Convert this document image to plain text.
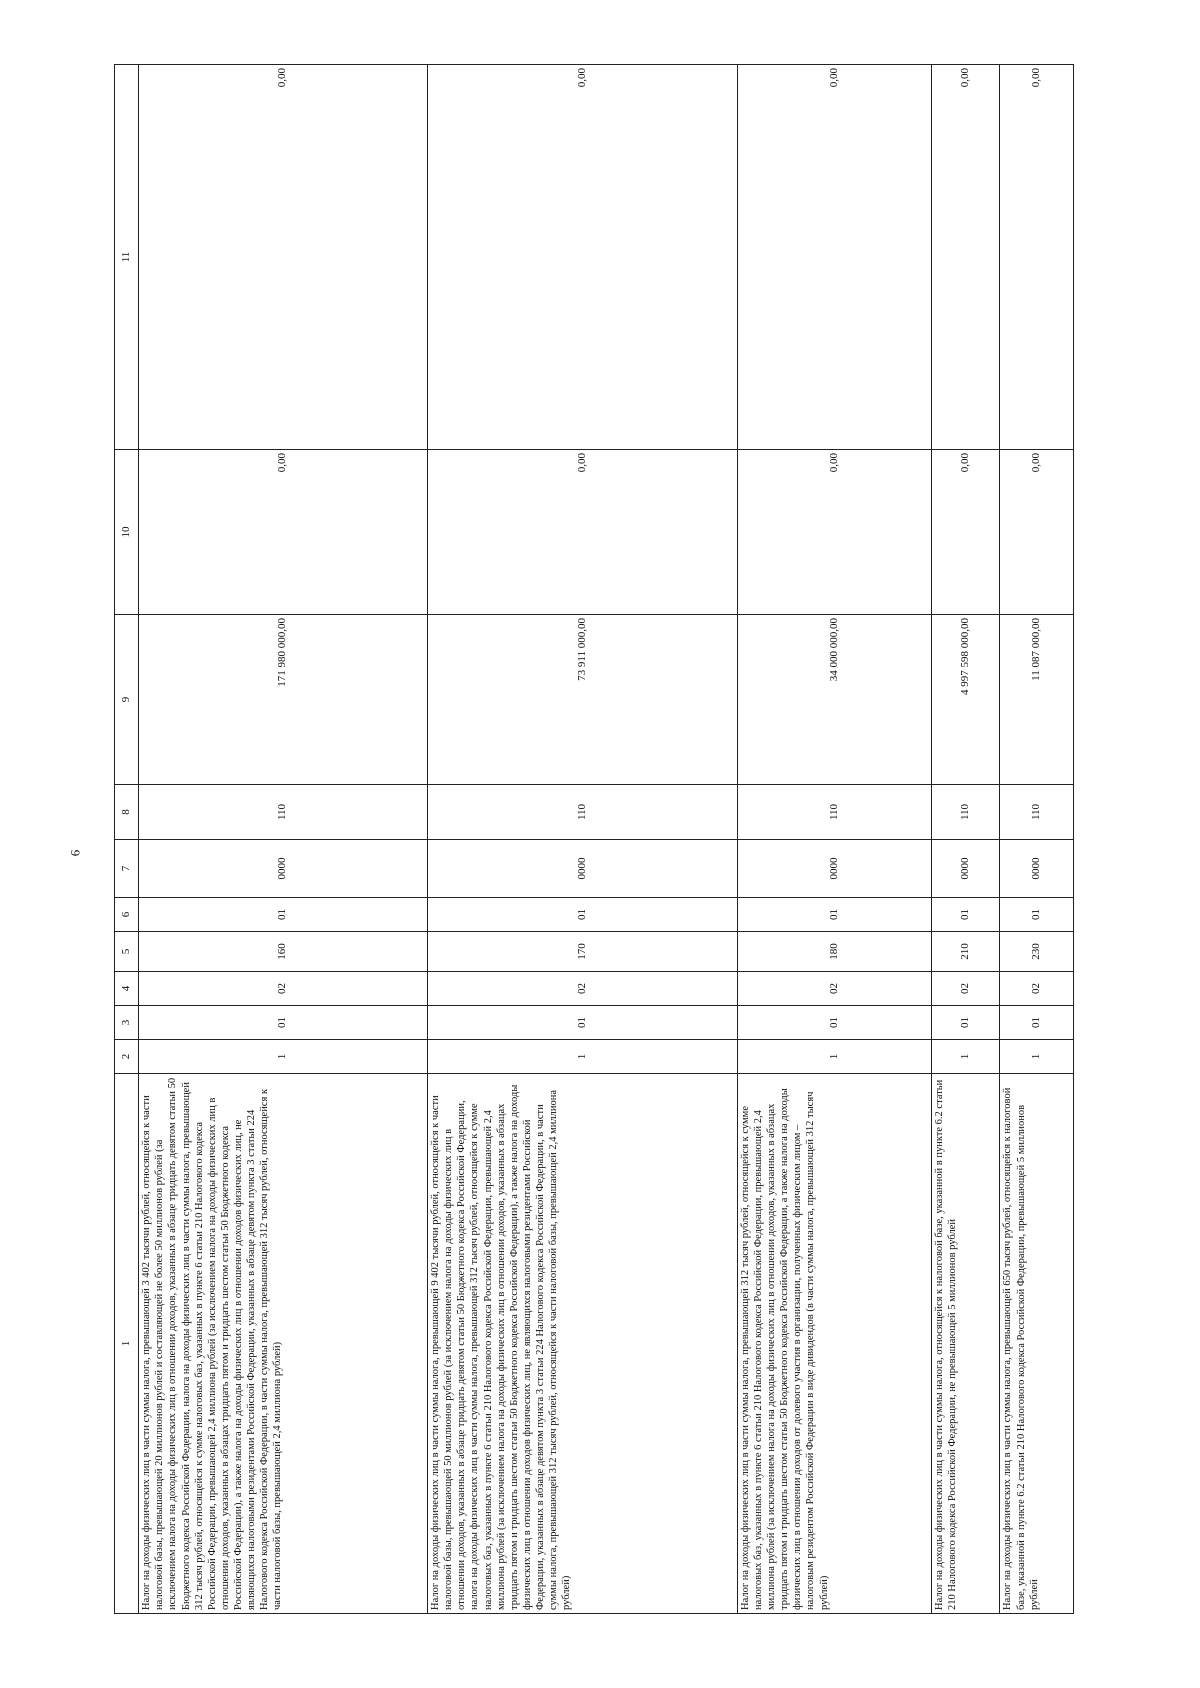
6
1	2	3	4	5	6	7	8	9	10	11
Налог на доходы физических лиц в части суммы налога, превышающей 3 402 тысячи рублей, относящейся к части налоговой базы, превышающей 20 миллионов рублей и составляющей не более 50 миллионов рублей (за исключением налога на доходы физических лиц в отношении доходов, указанных в абзаце тридцать девятом статьи 50 Бюджетного кодекса Российской Федерации, налога на доходы физических лиц в части суммы налога, превышающей 312 тысяч рублей, относящейся к сумме налоговых баз, указанных в пункте 6 статьи 210 Налогового кодекса Российской Федерации, превышающей 2,4 миллиона рублей (за исключением налога на доходы физических лиц в отношении доходов, указанных в абзацах тридцать пятом и тридцать шестом статьи 50 Бюджетного кодекса Российской Федерации), а также налога на доходы физических лиц в отношении доходов физических лиц, не являющихся налоговыми резидентами Российской Федерации, указанных в абзаце девятом пункта 3 статьи 224 Налогового кодекса Российской Федерации, в части суммы налога, превышающей 312 тысяч рублей, относящейся к части налоговой базы, превышающей 2,4 миллиона рублей)	1	01	02	160	01	0000	110	171 980 000,00	0,00	0,00
Налог на доходы физических лиц в части суммы налога, превышающей 9 402 тысячи рублей, относящейся к части налоговой базы, превышающей 50 миллионов рублей (за исключением налога на доходы физических лиц в отношении доходов, указанных в абзаце тридцать девятом статьи 50 Бюджетного кодекса Российской Федерации, налога на доходы физических лиц в части суммы налога, превышающей 312 тысяч рублей, относящейся к сумме налоговых баз, указанных в пункте 6 статьи 210 Налогового кодекса Российской Федерации, превышающей 2,4 миллиона рублей (за исключением налога на доходы физических лиц в отношении доходов, указанных в абзацах тридцать пятом и тридцать шестом статьи 50 Бюджетного кодекса Российской Федерации), а также налога на доходы физических лиц в отношении доходов физических лиц, не являющихся налоговыми резидентами Российской Федерации, указанных в абзаце девятом пункта 3 статьи 224 Налогового кодекса Российской Федерации, в части суммы налога, превышающей 312 тысяч рублей, относящейся к части налоговой базы, превышающей 2,4 миллиона рублей)	1	01	02	170	01	0000	110	73 911 000,00	0,00	0,00
Налог на доходы физических лиц в части суммы налога, превышающей 312 тысяч рублей, относящейся к сумме налоговых баз, указанных в пункте 6 статьи 210 Налогового кодекса Российской Федерации, превышающей 2,4 миллиона рублей (за исключением налога на доходы физических лиц в отношении доходов, указанных в абзацах тридцать пятом и тридцать шестом статьи 50 Бюджетного кодекса Российской Федерации, а также налога на доходы физических лиц в отношении доходов от долевого участия в организации, полученных физическим лицом – налоговым резидентом Российской Федерации в виде дивидендов (в части суммы налога, превышающей 312 тысяч рублей)	1	01	02	180	01	0000	110	34 000 000,00	0,00	0,00
Налог на доходы физических лиц в части суммы налога, относящейся к налоговой базе, указанной в пункте 6.2 статьи 210 Налогового кодекса Российской Федерации, не превышающей 5 миллионов рублей	1	01	02	210	01	0000	110	4 997 598 000,00	0,00	0,00
Налог на доходы физических лиц в части суммы налога, превышающей 650 тысяч рублей, относящейся к налоговой базе, указанной в пункте 6.2 статьи 210 Налогового кодекса Российской Федерации, превышающей 5 миллионов рублей	1	01	02	230	01	0000	110	11 087 000,00	0,00	0,00
